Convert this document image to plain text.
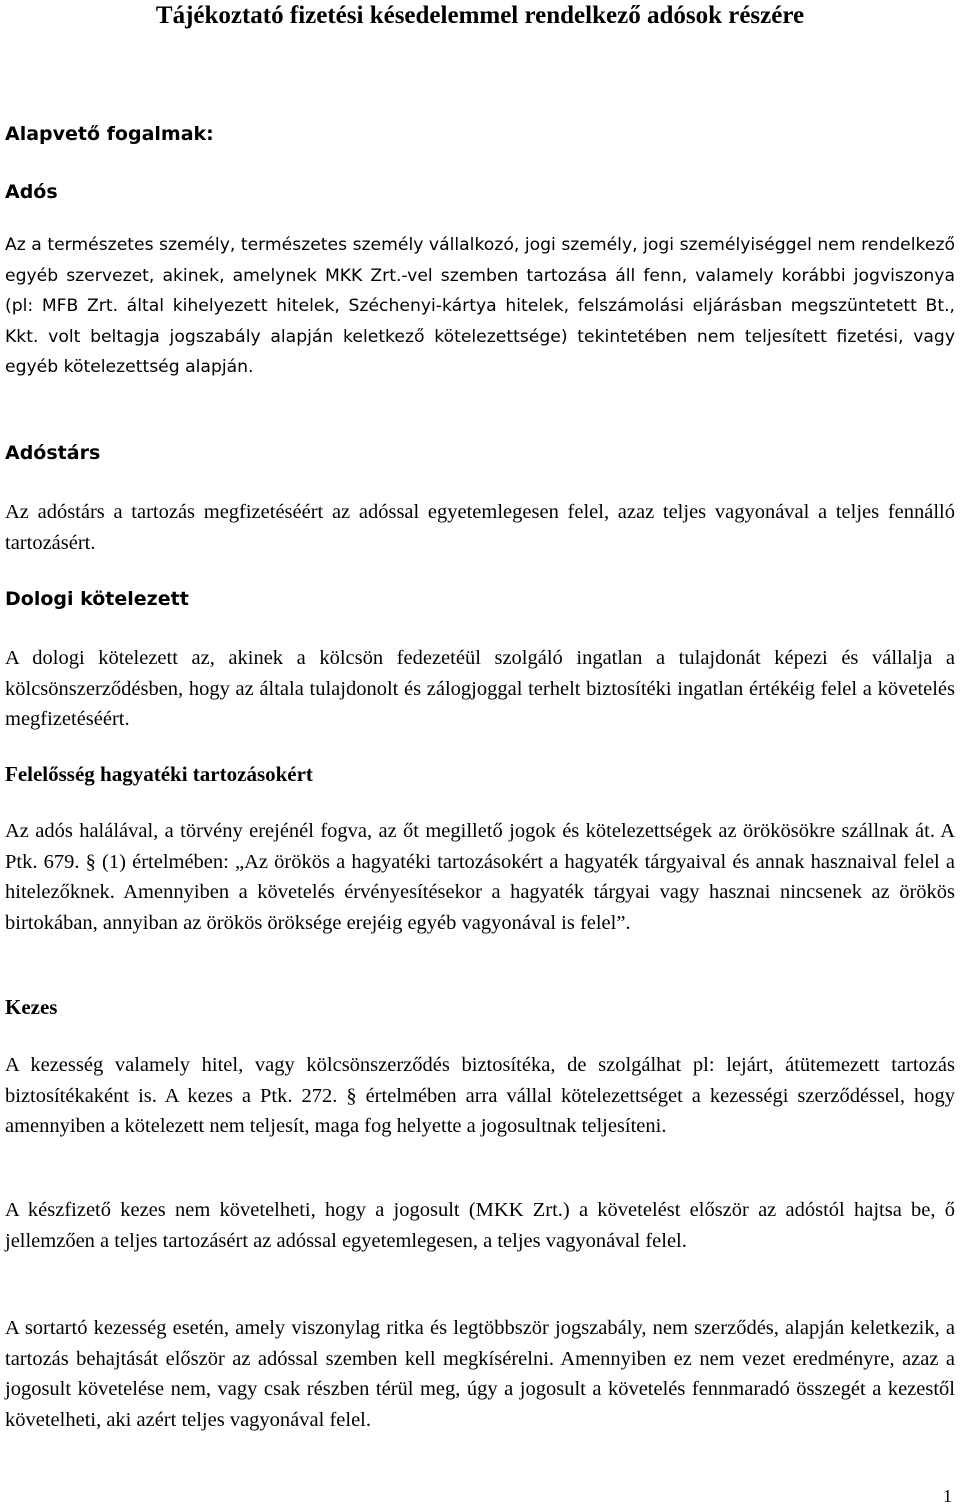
Tájékoztató fizetési késedelemmel rendelkező adósok részére
Alapvető fogalmak:
Adós

Az a természetes személy, természetes személy vállalkozó, jogi személy, jogi személyiséggel nem rendelkező egyéb szervezet, akinek, amelynek MKK Zrt.-vel szemben tartozása áll fenn, valamely korábbi jogviszonya (pl: MFB Zrt. által kihelyezett hitelek, Széchenyi-kártya hitelek, felszámolási eljárásban megszüntetett Bt., Kkt. volt beltagja jogszabály alapján keletkező kötelezettsége) tekintetében nem teljesített fizetési, vagy egyéb kötelezettség alapján.

Adóstárs

Az adóstárs a tartozás megfizetéséért az adóssal egyetemlegesen felel, azaz teljes vagyonával a teljes fennálló tartozásért.

Dologi kötelezett

A dologi kötelezett az, akinek a kölcsön fedezetéül szolgáló ingatlan a tulajdonát képezi és vállalja a kölcsönszerződésben, hogy az általa tulajdonolt és zálogjoggal terhelt biztosítéki ingatlan értékéig felel a követelés megfizetéséért.

Felelősség hagyatéki tartozásokért

Az adós halálával, a törvény erejénél fogva, az őt megillető jogok és kötelezettségek az örökösökre szállnak át. A Ptk. 679. § (1) értelmében: „Az örökös a hagyatéki tartozásokért a hagyaték tárgyaival és annak hasznaival felel a hitelezőknek. Amennyiben a követelés érvényesítésekor a hagyaték tárgyai vagy hasznai nincsenek az örökös birtokában, annyiban az örökös öröksége erejéig egyéb vagyonával is felel”.

Kezes

A kezesség valamely hitel, vagy kölcsönszerződés biztosítéka, de szolgálhat pl: lejárt, átütemezett tartozás biztosítékaként is. A kezes a Ptk. 272. § értelmében arra vállal kötelezettséget a kezességi szerződéssel, hogy amennyiben a kötelezett nem teljesít, maga fog helyette a jogosultnak teljesíteni.

A készfizető kezes nem követelheti, hogy a jogosult (MKK Zrt.) a követelést először az adóstól hajtsa be, ő jellemzően a teljes tartozásért az adóssal egyetemlegesen, a teljes vagyonával felel.

A sortartó kezesség esetén, amely viszonylag ritka és legtöbbször jogszabály, nem szerződés, alapján keletkezik, a tartozás behajtását először az adóssal szemben kell megkísérelni. Amennyiben ez nem vezet eredményre, azaz a jogosult követelése nem, vagy csak részben térül meg, úgy a jogosult a követelés fennmaradó összegét a kezestől követelheti, aki azért teljes vagyonával felel.

1
